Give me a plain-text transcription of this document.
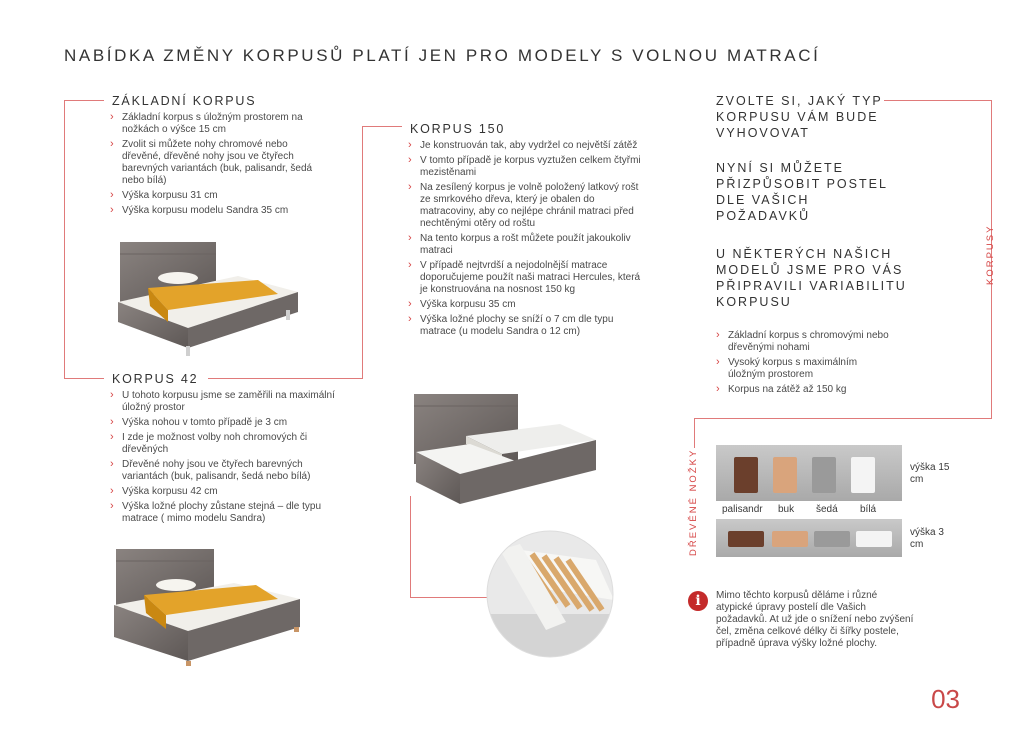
NABÍDKA ZMĚNY KORPUSŮ PLATÍ JEN PRO MODELY S VOLNOU MATRACÍ
ZÁKLADNÍ KORPUS
› Základní korpus s úložným prostorem na nožkách o výšce 15 cm
› Zvolit si můžete nohy chromové nebo dřevěné, dřevěné nohy jsou ve čtyřech barevných variantách (buk, palisandr, šedá nebo bílá)
› Výška korpusu 31 cm
› Výška korpusu modelu Sandra 35 cm
KORPUS 42
› U tohoto korpusu jsme se zaměřili na maximální úložný prostor
› Výška nohou v tomto případě je 3 cm
› I zde je možnost volby noh chromových či dřevěných
› Dřevěné nohy jsou ve čtyřech barevných variantách (buk, palisandr, šedá nebo bílá)
› Výška korpusu 42 cm
› Výška ložné plochy zůstane stejná – dle typu matrace ( mimo modelu Sandra)
KORPUS 150
› Je konstruován tak, aby vydržel co největší zátěž
› V tomto případě je korpus vyztužen celkem čtyřmi mezistěnami
› Na zesílený korpus je volně položený latkový rošt ze smrkového dřeva, který je obalen do matracoviny, aby co nejlépe chránil matraci před nechtěnými otěry od roštu
› Na tento korpus a rošt můžete použít jakoukoliv matraci
› V případě nejtvrdší a nejodolnější matrace doporučujeme použít naši matraci Hercules, která je konstruována na nosnost 150 kg
› Výška korpusu 35 cm
› Výška ložné plochy se sníží o 7 cm dle typu matrace (u modelu Sandra o 12 cm)
KORPUSY
ZVOLTE SI, JAKÝ TYP KORPUSU VÁM BUDE VYHOVOVAT
NYNÍ SI MŮŽETE PŘIZPŮSOBIT POSTEL DLE VAŠICH POŽADAVKŮ
U NĚKTERÝCH NAŠICH MODELŮ JSME PRO VÁS PŘIPRAVILI VARIABILITU KORPUSU
› Základní korpus s chromovými nebo dřevěnými nohami
› Vysoký korpus s maximálním úložným prostorem
› Korpus na zátěž až 150 kg
DŘEVĚNÉ NOŽKY	výška 15 cm
palisandr buk šedá bílá
výška 3 cm
i	Mimo těchto korpusů děláme i různé atypické úpravy postelí dle Vašich požadavků. At už jde o snížení nebo zvýšení čel, změna celkové délky či šířky postele, případně úprava výšky ložné plochy.
03
